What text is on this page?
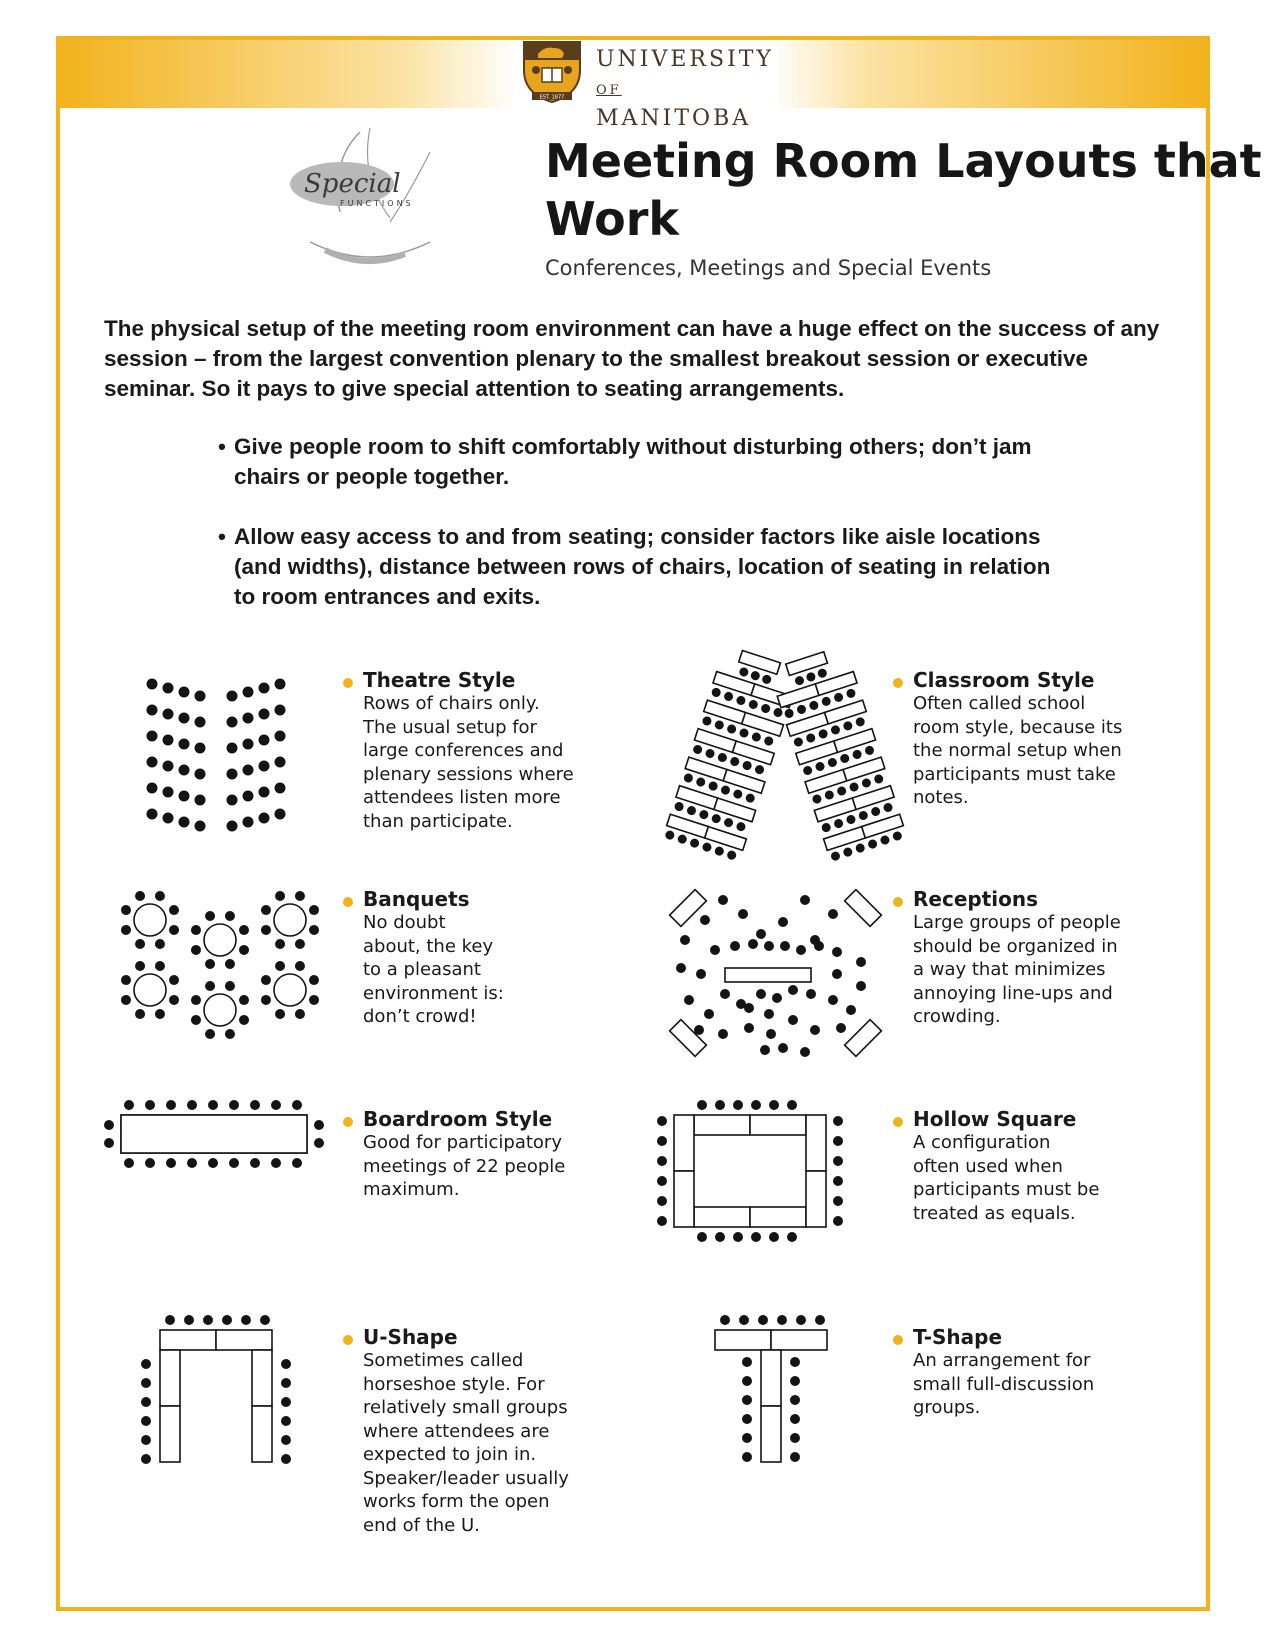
EST. 1877
UNIVERSITY
OF MANITOBA
Special
FUNCTIONS
Meeting Room Layouts that Work
Conferences, Meetings and Special Events

The physical setup of the meeting room environment can have a huge effect on the success of any session – from the largest convention plenary to the smallest breakout session or executive seminar. So it pays to give special attention to seating arrangements.

• Give people room to shift comfortably without disturbing others; don’t jam chairs or people together.
• Allow easy access to and from seating; consider factors like aisle locations (and widths), distance between rows of chairs, location of seating in relation to room entrances and exits.
Theatre Style

Rows of chairs only.
The usual setup for
large conferences and
plenary sessions where
attendees listen more
than participate.

Classroom Style

Often called school
room style, because its
the normal setup when
participants must take
notes.

Banquets

No doubt
about, the key
to a pleasant
environment is:
don’t crowd!

Receptions

Large groups of people
should be organized in
a way that minimizes
annoying line-ups and
crowding.

Boardroom Style

Good for participatory
meetings of 22 people
maximum.

Hollow Square

A configuration
often used when
participants must be
treated as equals.

U-Shape

Sometimes called
horseshoe style. For
relatively small groups
where attendees are
expected to join in.
Speaker/leader usually
works form the open
end of the U.

T-Shape

An arrangement for
small full-discussion
groups.
